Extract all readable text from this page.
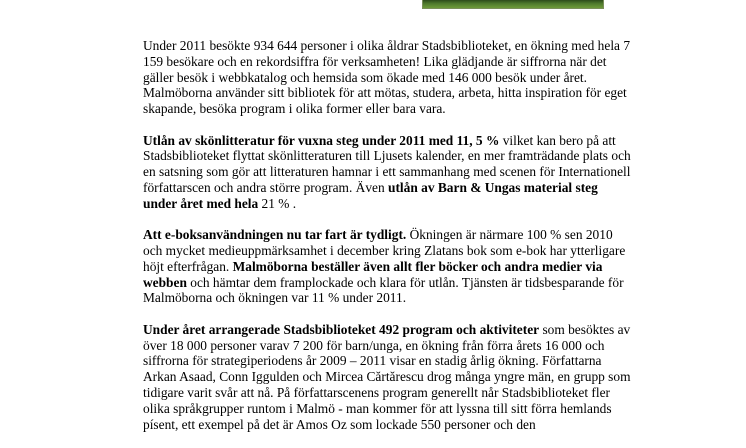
Under 2011 besökte 934 644 personer i olika åldrar Stadsbiblioteket, en ökning med hela 7 159 besökare och en rekordsiffra för verksamheten! Lika glädjande är siffrorna när det gäller besök i webbkatalog och hemsida som ökade med 146 000 besök under året. Malmöborna använder sitt bibliotek för att mötas, studera, arbeta, hitta inspiration för eget skapande, besöka program i olika former eller bara vara.

Utlån av skönlitteratur för vuxna steg under 2011 med 11, 5 % vilket kan bero på att Stadsbiblioteket flyttat skönlitteraturen till Ljusets kalender, en mer framträdande plats och en satsning som gör att litteraturen hamnar i ett sammanhang med scenen för Internationell författarscen och andra större program. Även utlån av Barn & Ungas material steg under året med hela 21 % .

Att e-boksanvändningen nu tar fart är tydligt. Ökningen är närmare 100 % sen 2010 och mycket medieuppmärksamhet i december kring Zlatans bok som e-bok har ytterligare höjt efterfrågan. Malmöborna beställer även allt fler böcker och andra medier via webben och hämtar dem framplockade och klara för utlån. Tjänsten är tidsbesparande för Malmöborna och ökningen var 11 % under 2011.

Under året arrangerade Stadsbiblioteket 492 program och aktiviteter som besöktes av över 18 000 personer varav 7 200 för barn/unga, en ökning från förra årets 16 000 och siffrorna för strategiperiodens år 2009 – 2011 visar en stadig årlig ökning. Författarna Arkan Asaad, Conn Iggulden och Mircea Cărtărescu drog många yngre män, en grupp som tidigare varit svår att nå. På författarscenens program generellt når Stadsbiblioteket fler olika språkgrupper runtom i Malmö - man kommer för att lyssna till sitt förra hemlands písent, ett exempel på det är Amos Oz som lockade 550 personer och den
